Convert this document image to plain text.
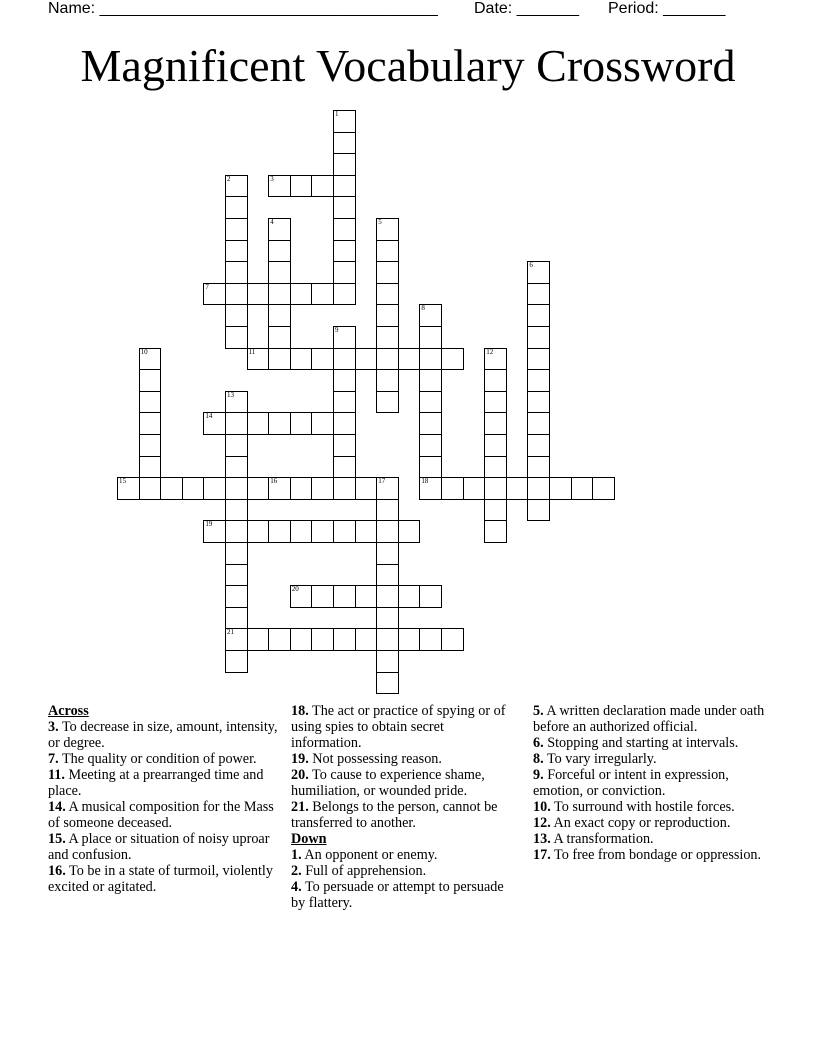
Name: ______________________________________ Date: _______ Period: _______
Magnificent Vocabulary Crossword
1
2	3
4	5
6
7
8
18
9
10	11	12
13
21
14
15	16	17
19
20
Across
3. To decrease in size, amount, intensity, or degree.
7. The quality or condition of power.
11. Meeting at a prearranged time and place.
14. A musical composition for the Mass of someone deceased.
15. A place or situation of noisy uproar and confusion.
16. To be in a state of turmoil, violently excited or agitated.
18. The act or practice of spying or of using spies to obtain secret information.
19. Not possessing reason.
20. To cause to experience shame, humiliation, or wounded pride.
21. Belongs to the person, cannot be transferred to another.
Down
1. An opponent or enemy.
2. Full of apprehension.
4. To persuade or attempt to persuade by flattery.
5. A written declaration made under oath before an authorized official.
6. Stopping and starting at intervals.
8. To vary irregularly.
9. Forceful or intent in expression, emotion, or conviction.
10. To surround with hostile forces.
12. An exact copy or reproduction.
13. A transformation.
17. To free from bondage or oppression.
